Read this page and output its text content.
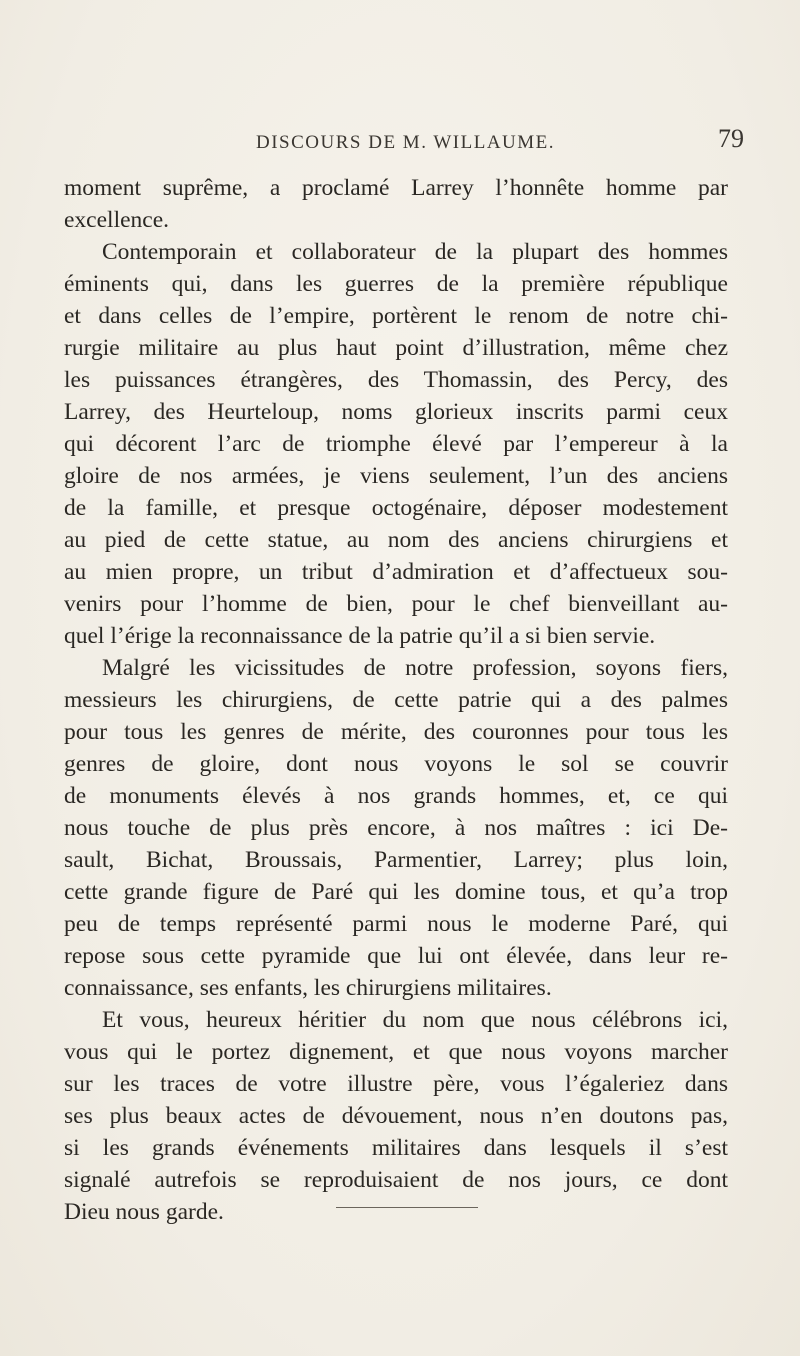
DISCOURS DE M. WILLAUME.	79
moment suprême, a proclamé Larrey l’honnête homme par
excellence.
Contemporain et collaborateur de la plupart des hommes
éminents qui, dans les guerres de la première république
et dans celles de l’empire, portèrent le renom de notre chi-
rurgie militaire au plus haut point d’illustration, même chez
les puissances étrangères, des Thomassin, des Percy, des
Larrey, des Heurteloup, noms glorieux inscrits parmi ceux
qui décorent l’arc de triomphe élevé par l’empereur à la
gloire de nos armées, je viens seulement, l’un des anciens
de la famille, et presque octogénaire, déposer modestement
au pied de cette statue, au nom des anciens chirurgiens et
au mien propre, un tribut d’admiration et d’affectueux sou-
venirs pour l’homme de bien, pour le chef bienveillant au-
quel l’érige la reconnaissance de la patrie qu’il a si bien servie.
Malgré les vicissitudes de notre profession, soyons fiers,
messieurs les chirurgiens, de cette patrie qui a des palmes
pour tous les genres de mérite, des couronnes pour tous les
genres de gloire, dont nous voyons le sol se couvrir
de monuments élevés à nos grands hommes, et, ce qui
nous touche de plus près encore, à nos maîtres : ici De-
sault, Bichat, Broussais, Parmentier, Larrey; plus loin,
cette grande figure de Paré qui les domine tous, et qu’a trop
peu de temps représenté parmi nous le moderne Paré, qui
repose sous cette pyramide que lui ont élevée, dans leur re-
connaissance, ses enfants, les chirurgiens militaires.
Et vous, heureux héritier du nom que nous célébrons ici,
vous qui le portez dignement, et que nous voyons marcher
sur les traces de votre illustre père, vous l’égaleriez dans
ses plus beaux actes de dévouement, nous n’en doutons pas,
si les grands événements militaires dans lesquels il s’est
signalé autrefois se reproduisaient de nos jours, ce dont
Dieu nous garde.
